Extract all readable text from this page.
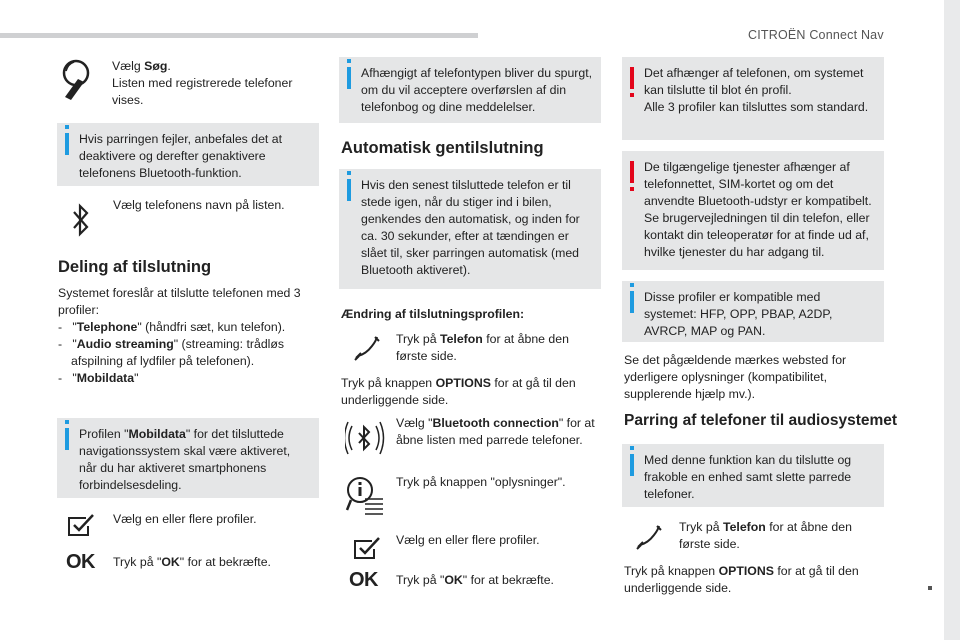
CITROËN Connect Nav
25
Vælg Søg.
Listen med registrerede telefoner vises.
Hvis parringen fejler, anbefales det at deaktivere og derefter genaktivere telefonens Bluetooth-funktion.
Vælg telefonens navn på listen.
Deling af tilslutning
Systemet foreslår at tilslutte telefonen med 3 profiler:
-   "Telephone" (håndfri sæt, kun telefon).
-   "Audio streaming" (streaming: trådløs afspilning af lydfiler på telefonen).
-   "Mobildata"
Profilen "Mobildata" for det tilsluttede navigationssystem skal være aktiveret, når du har aktiveret smartphonens forbindelsesdeling.
Vælg en eller flere profiler.
OK Tryk på "OK" for at bekræfte.
Afhængigt af telefontypen bliver du spurgt, om du vil acceptere overførslen af din telefonbog og dine meddelelser.
Automatisk gentilslutning
Hvis den senest tilsluttede telefon er til stede igen, når du stiger ind i bilen, genkendes den automatisk, og inden for ca. 30 sekunder, efter at tændingen er slået til, sker parringen automatisk (med Bluetooth aktiveret).
Ændring af tilslutningsprofilen:
Tryk på Telefon for at åbne den første side.
Tryk på knappen OPTIONS for at gå til den underliggende side.
Vælg "Bluetooth connection" for at åbne listen med parrede telefoner.
Tryk på knappen "oplysninger".
Vælg en eller flere profiler.
OK Tryk på "OK" for at bekræfte.
Det afhænger af telefonen, om systemet kan tilslutte til blot én profil.
Alle 3 profiler kan tilsluttes som standard.
De tilgængelige tjenester afhænger af telefonnettet, SIM-kortet og om det anvendte Bluetooth-udstyr er kompatibelt. Se brugervejledningen til din telefon, eller kontakt din teleoperatør for at finde ud af, hvilke tjenester du har adgang til.
Disse profiler er kompatible med systemet: HFP, OPP, PBAP, A2DP, AVRCP, MAP og PAN.
Se det pågældende mærkes websted for yderligere oplysninger (kompatibilitet, supplerende hjælp mv.).
Parring af telefoner til audiosystemet
Med denne funktion kan du tilslutte og frakoble en enhed samt slette parrede telefoner.
Tryk på Telefon for at åbne den første side.
Tryk på knappen OPTIONS for at gå til den underliggende side.
